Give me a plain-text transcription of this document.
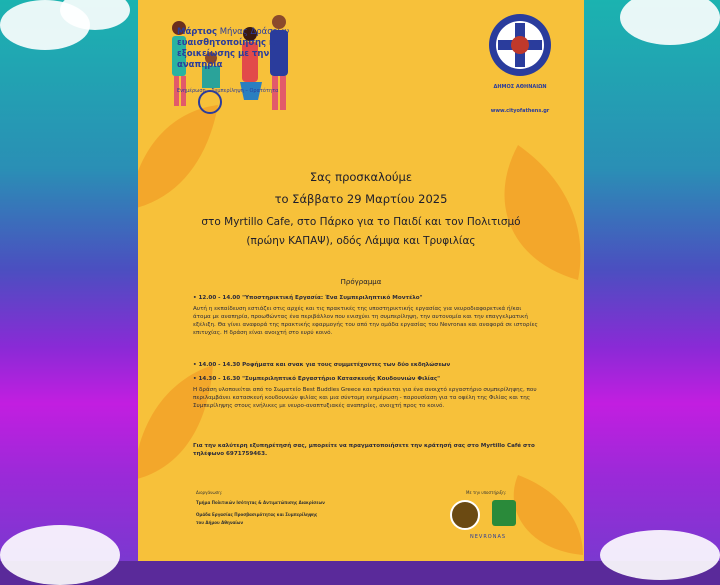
Μάρτιος Μήνας Δράσεων
ευαισθητοποίησης και
εξοικείωσης με την
αναπηρία
Ενημέρωση – Συμπερίληψη – Ορατότητα
ΔΗΜΟΣ ΑΘΗΝΑΙΩΝ
www.cityofathens.gr
Σας προσκαλούμε
το Σάββατο 29 Μαρτίου 2025
στο Myrtillo Cafe, στο Πάρκο για το Παιδί και τον Πολιτισμό
(πρώην ΚΑΠΑΨ), οδός Λάμψα και Τρυφιλίας
Πρόγραμμα
• 12.00 - 14.00 "Υποστηρικτική Εργασία: Ένα Συμπεριληπτικό Μοντέλο"
Αυτή η εκπαίδευση εστιάζει στις αρχές και τις πρακτικές της υποστηρικτικής εργασίας για νευροδιαφορετικά ή/και άτομα με αναπηρία, προωθώντας ένα περιβάλλον που ενισχύει τη συμπερίληψη, την αυτονομία και την επαγγελματική εξέλιξη. Θα γίνει αναφορά της πρακτικής εφαρμογής του από την ομάδα εργασίας του Nevronas και αναφορά σε ιστορίες επιτυχίας. Η δράση είναι ανοιχτή στο ευρύ κοινό.
• 14.00 - 14.30 Ροφήματα και σνακ για τους συμμετέχοντες των δύο εκδηλώσεων
• 14.30 - 16.30 "Συμπεριληπτικό Εργαστήριο Κατασκευής Κουδουνιών Φιλίας"
Η δράση υλοποιείται από το Σωματείο Best Buddies Greece και πρόκειται για ένα ανοιχτό εργαστήριο συμπερίληψης, που περιλαμβάνει κατασκευή κουδουνιών φιλίας και μια σύντομη ενημέρωση - παρουσίαση για τα οφέλη της Φιλίας και της Συμπερίληψης στους ενήλικες με νευρο-αναπτυξιακές αναπηρίες, ανοιχτή προς το κοινό.
Για την καλύτερη εξυπηρέτησή σας, μπορείτε να πραγματοποιήσετε την κράτησή σας στο Myrtillo Café στο τηλέφωνο 6971759463.
Διοργάνωση:
Τμήμα Πολιτικών Ισότητας & Αντιμετώπισης Διακρίσεων
Ομάδα Εργασίας Προσβασιμότητας και Συμπερίληψης
του Δήμου Αθηναίων
Με την υποστήριξη:
NEVRONAS
